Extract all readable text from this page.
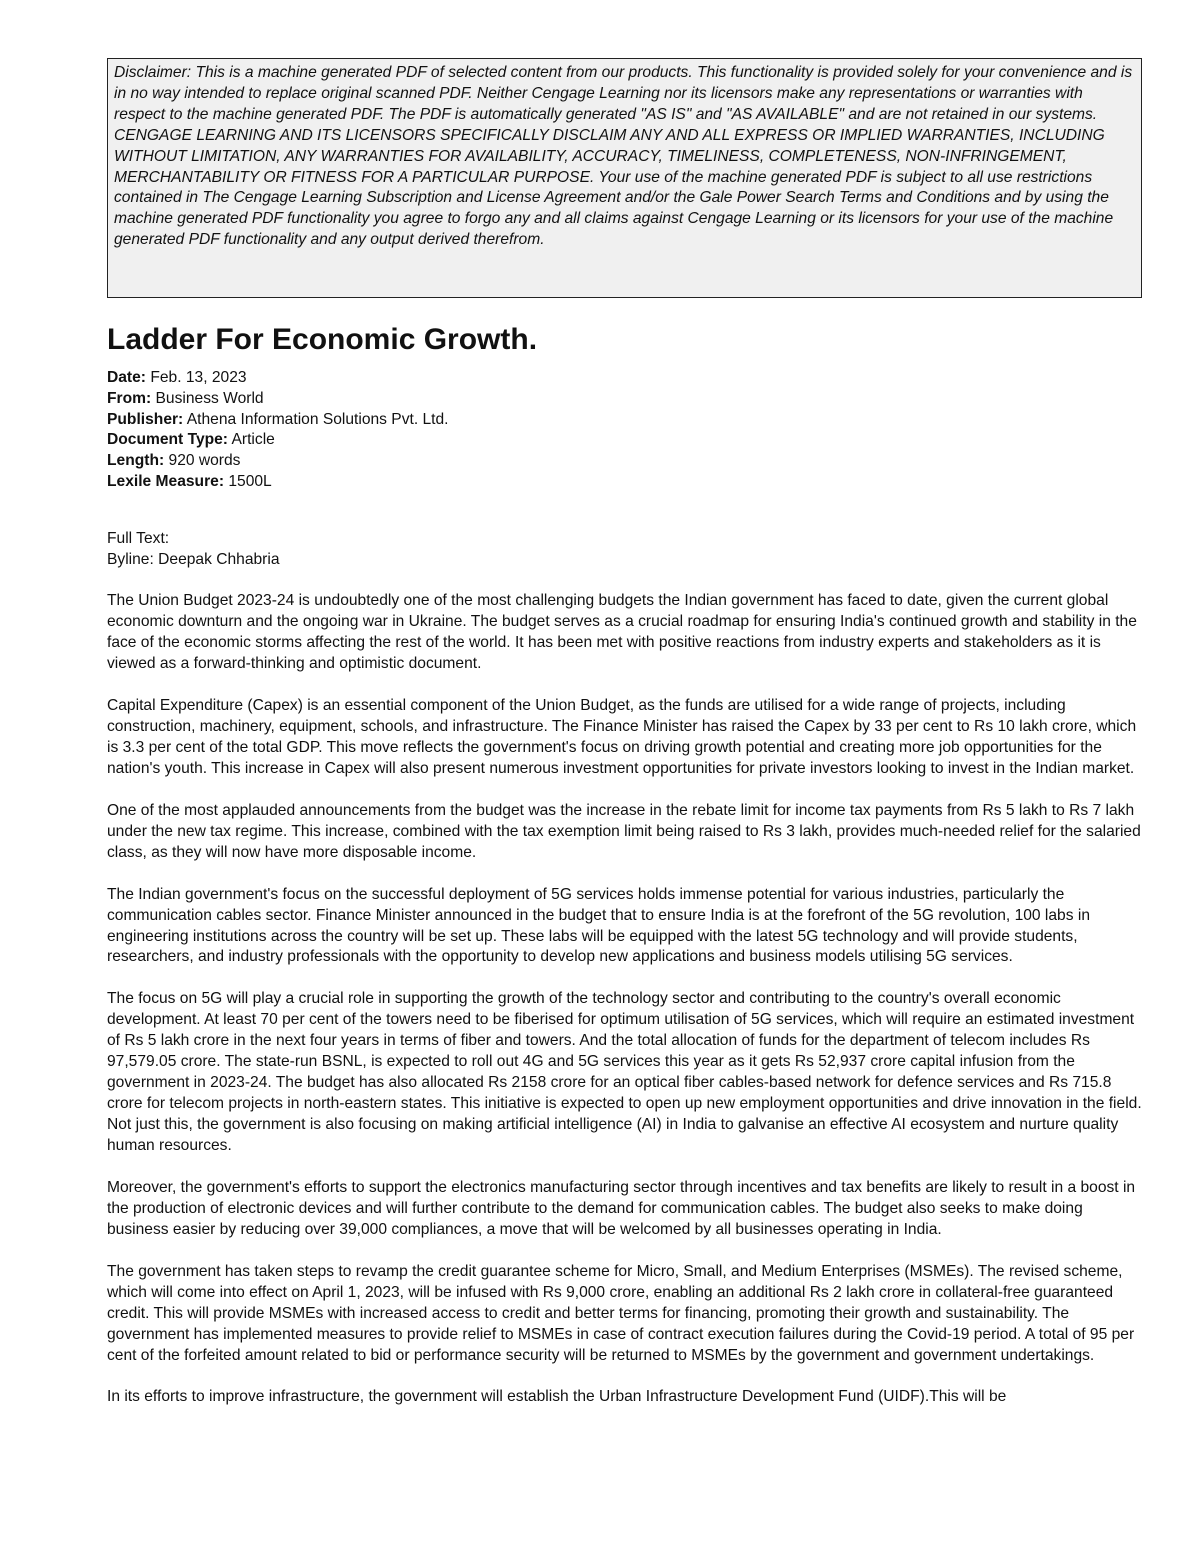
Disclaimer: This is a machine generated PDF of selected content from our products. This functionality is provided solely for your convenience and is in no way intended to replace original scanned PDF. Neither Cengage Learning nor its licensors make any representations or warranties with respect to the machine generated PDF. The PDF is automatically generated "AS IS" and "AS AVAILABLE" and are not retained in our systems. CENGAGE LEARNING AND ITS LICENSORS SPECIFICALLY DISCLAIM ANY AND ALL EXPRESS OR IMPLIED WARRANTIES, INCLUDING WITHOUT LIMITATION, ANY WARRANTIES FOR AVAILABILITY, ACCURACY, TIMELINESS, COMPLETENESS, NON-INFRINGEMENT, MERCHANTABILITY OR FITNESS FOR A PARTICULAR PURPOSE. Your use of the machine generated PDF is subject to all use restrictions contained in The Cengage Learning Subscription and License Agreement and/or the Gale Power Search Terms and Conditions and by using the machine generated PDF functionality you agree to forgo any and all claims against Cengage Learning or its licensors for your use of the machine generated PDF functionality and any output derived therefrom.
Ladder For Economic Growth.
Date: Feb. 13, 2023
From: Business World
Publisher: Athena Information Solutions Pvt. Ltd.
Document Type: Article
Length: 920 words
Lexile Measure: 1500L
Full Text:
Byline: Deepak Chhabria

The Union Budget 2023-24 is undoubtedly one of the most challenging budgets the Indian government has faced to date, given the current global economic downturn and the ongoing war in Ukraine. The budget serves as a crucial roadmap for ensuring India's continued growth and stability in the face of the economic storms affecting the rest of the world. It has been met with positive reactions from industry experts and stakeholders as it is viewed as a forward-thinking and optimistic document.

Capital Expenditure (Capex) is an essential component of the Union Budget, as the funds are utilised for a wide range of projects, including construction, machinery, equipment, schools, and infrastructure. The Finance Minister has raised the Capex by 33 per cent to Rs 10 lakh crore, which is 3.3 per cent of the total GDP. This move reflects the government's focus on driving growth potential and creating more job opportunities for the nation's youth. This increase in Capex will also present numerous investment opportunities for private investors looking to invest in the Indian market.

One of the most applauded announcements from the budget was the increase in the rebate limit for income tax payments from Rs 5 lakh to Rs 7 lakh under the new tax regime. This increase, combined with the tax exemption limit being raised to Rs 3 lakh, provides much-needed relief for the salaried class, as they will now have more disposable income.

The Indian government's focus on the successful deployment of 5G services holds immense potential for various industries, particularly the communication cables sector. Finance Minister announced in the budget that to ensure India is at the forefront of the 5G revolution, 100 labs in engineering institutions across the country will be set up. These labs will be equipped with the latest 5G technology and will provide students, researchers, and industry professionals with the opportunity to develop new applications and business models utilising 5G services.

The focus on 5G will play a crucial role in supporting the growth of the technology sector and contributing to the country's overall economic development. At least 70 per cent of the towers need to be fiberised for optimum utilisation of 5G services, which will require an estimated investment of Rs 5 lakh crore in the next four years in terms of fiber and towers. And the total allocation of funds for the department of telecom includes Rs 97,579.05 crore. The state-run BSNL, is expected to roll out 4G and 5G services this year as it gets Rs 52,937 crore capital infusion from the government in 2023-24. The budget has also allocated Rs 2158 crore for an optical fiber cables-based network for defence services and Rs 715.8 crore for telecom projects in north-eastern states. This initiative is expected to open up new employment opportunities and drive innovation in the field. Not just this, the government is also focusing on making artificial intelligence (AI) in India to galvanise an effective AI ecosystem and nurture quality human resources.

Moreover, the government's efforts to support the electronics manufacturing sector through incentives and tax benefits are likely to result in a boost in the production of electronic devices and will further contribute to the demand for communication cables. The budget also seeks to make doing business easier by reducing over 39,000 compliances, a move that will be welcomed by all businesses operating in India.

The government has taken steps to revamp the credit guarantee scheme for Micro, Small, and Medium Enterprises (MSMEs). The revised scheme, which will come into effect on April 1, 2023, will be infused with Rs 9,000 crore, enabling an additional Rs 2 lakh crore in collateral-free guaranteed credit. This will provide MSMEs with increased access to credit and better terms for financing, promoting their growth and sustainability. The government has implemented measures to provide relief to MSMEs in case of contract execution failures during the Covid-19 period. A total of 95 per cent of the forfeited amount related to bid or performance security will be returned to MSMEs by the government and government undertakings.

In its efforts to improve infrastructure, the government will establish the Urban Infrastructure Development Fund (UIDF).This will be
